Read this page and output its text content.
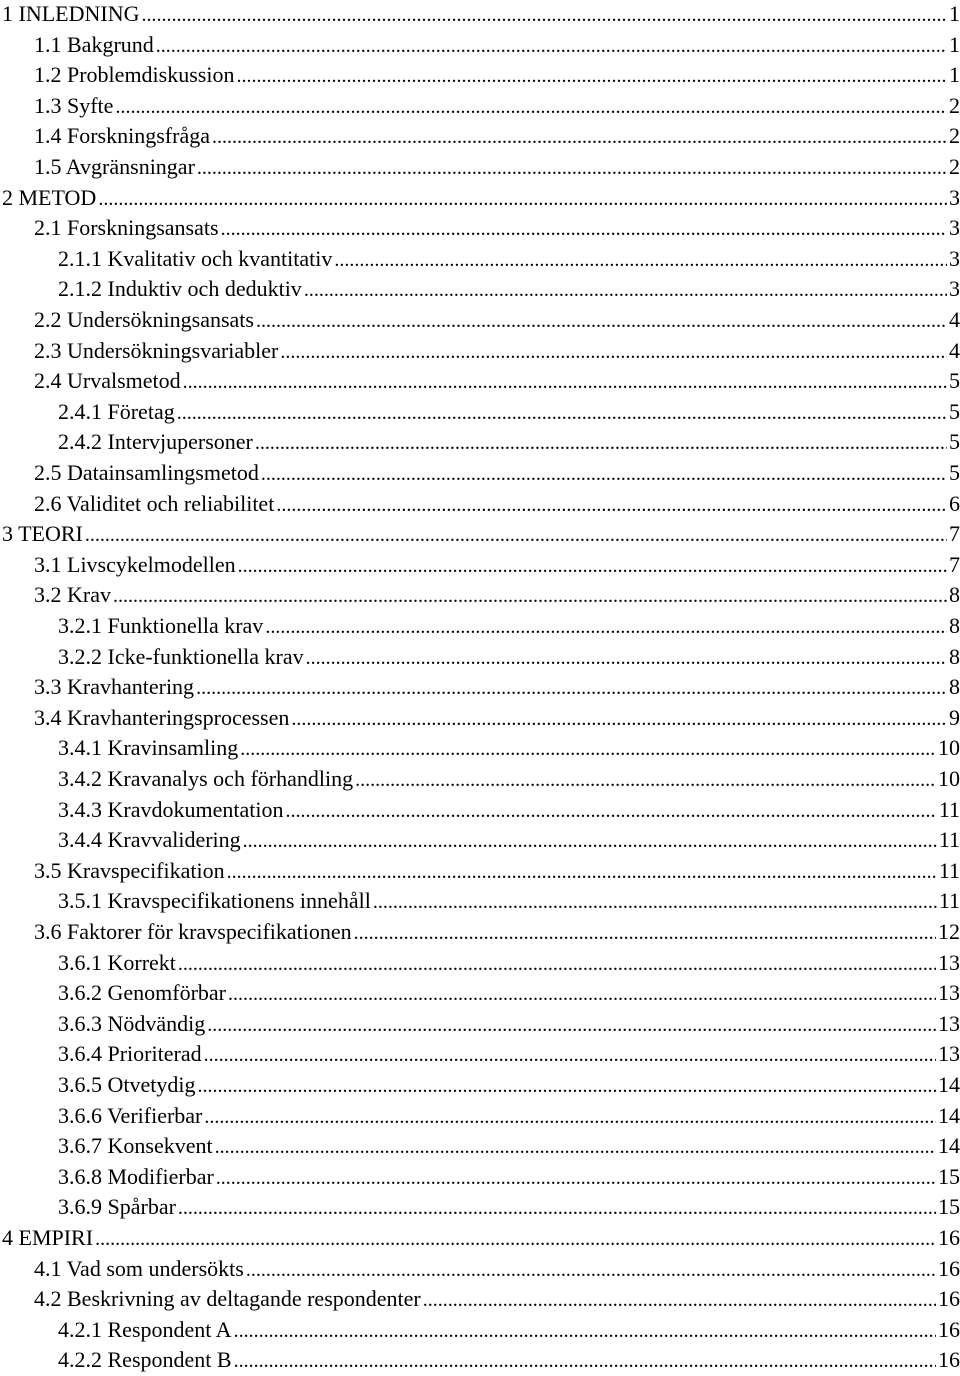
1 INLEDNING .....	1
1.1 Bakgrund .....	1
1.2 Problemdiskussion .....	1
1.3 Syfte .....	2
1.4 Forskningsfråga .....	2
1.5 Avgränsningar .....	2
2 METOD .....	3
2.1 Forskningsansats .....	3
2.1.1 Kvalitativ och kvantitativ .....	3
2.1.2 Induktiv och deduktiv .....	3
2.2 Undersökningsansats .....	4
2.3 Undersökningsvariabler .....	4
2.4 Urvalsmetod .....	5
2.4.1 Företag .....	5
2.4.2 Intervjupersoner .....	5
2.5 Datainsamlingsmetod .....	5
2.6 Validitet och reliabilitet .....	6
3 TEORI .....	7
3.1 Livscykelmodellen .....	7
3.2 Krav .....	8
3.2.1 Funktionella krav .....	8
3.2.2 Icke-funktionella krav .....	8
3.3 Kravhantering .....	8
3.4 Kravhanteringsprocessen .....	9
3.4.1 Kravinsamling .....	10
3.4.2 Kravanalys och förhandling .....	10
3.4.3 Kravdokumentation .....	11
3.4.4 Kravvalidering .....	11
3.5 Kravspecifikation .....	11
3.5.1 Kravspecifikationens innehåll .....	11
3.6 Faktorer för kravspecifikationen .....	12
3.6.1 Korrekt .....	13
3.6.2 Genomförbar .....	13
3.6.3 Nödvändig .....	13
3.6.4 Prioriterad .....	13
3.6.5 Otvetydig .....	14
3.6.6 Verifierbar .....	14
3.6.7 Konsekvent .....	14
3.6.8 Modifierbar .....	15
3.6.9 Spårbar .....	15
4 EMPIRI .....	16
4.1 Vad som undersökts .....	16
4.2 Beskrivning av deltagande respondenter .....	16
4.2.1 Respondent A .....	16
4.2.2 Respondent B .....	16
